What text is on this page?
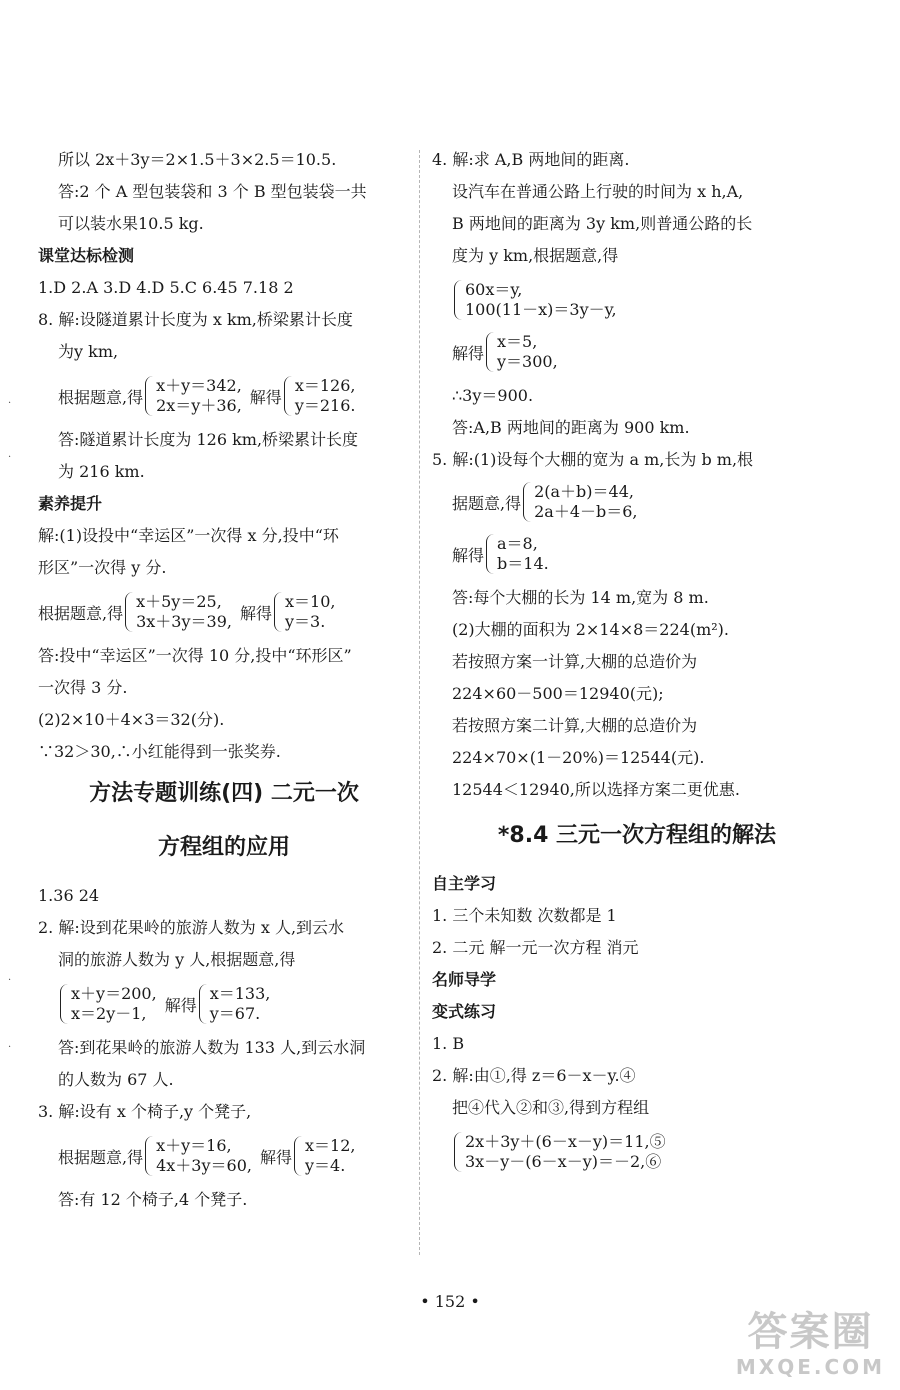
·
·
·
·

所以 2x＋3y＝2×1.5＋3×2.5＝10.5.

答:2 个 A 型包装袋和 3 个 B 型包装袋一共

可以装水果10.5 kg.

课堂达标检测

1.D 2.A 3.D 4.D 5.C 6.45 7.18 2

8. 解:设隧道累计长度为 x km,桥梁累计长度

为y km,

根据题意,得

x＋y＝342,

2x＝y＋36, 解得

x＝126,

y＝216.

答:隧道累计长度为 126 km,桥梁累计长度

为 216 km.

素养提升

解:(1)设投中“幸运区”一次得 x 分,投中“环

形区”一次得 y 分.

根据题意,得

x＋5y＝25,

3x＋3y＝39, 解得

x＝10,

y＝3.

答:投中“幸运区”一次得 10 分,投中“环形区”

一次得 3 分.

(2)2×10＋4×3＝32(分).

∵32＞30,∴小红能得到一张奖券.

方法专题训练(四) 二元一次

方程组的应用

1.36 24

2. 解:设到花果岭的旅游人数为 x 人,到云水

洞的旅游人数为 y 人,根据题意,得

x＋y＝200,

x＝2y－1,	解得

x＝133,

y＝67.

答:到花果岭的旅游人数为 133 人,到云水洞

的人数为 67 人.

3. 解:设有 x 个椅子,y 个凳子,

根据题意,得

x＋y＝16,

4x＋3y＝60, 解得

x＝12,

y＝4.

答:有 12 个椅子,4 个凳子.

4. 解:求 A,B 两地间的距离.

设汽车在普通公路上行驶的时间为 x h,A,

B 两地间的距离为 3y km,则普通公路的长

度为 y km,根据题意,得

60x＝y,

100(11－x)＝3y－y,

解得

x＝5,

y＝300,

∴3y＝900.

答:A,B 两地间的距离为 900 km.

5. 解:(1)设每个大棚的宽为 a m,长为 b m,根

据题意,得

2(a＋b)＝44,

2a＋4－b＝6,

解得

a＝8,

b＝14.

答:每个大棚的长为 14 m,宽为 8 m.

(2)大棚的面积为 2×14×8＝224(m²).

若按照方案一计算,大棚的总造价为

224×60－500＝12940(元);

若按照方案二计算,大棚的总造价为

224×70×(1－20%)＝12544(元).

12544＜12940,所以选择方案二更优惠.

*8.4 三元一次方程组的解法

自主学习

1. 三个未知数 次数都是 1

2. 二元 解一元一次方程 消元

名师导学

变式练习

1. B

2. 解:由①,得 z＝6－x－y.④

把④代入②和③,得到方程组

2x＋3y＋(6－x－y)＝11,⑤

3x－y－(6－x－y)＝－2,⑥

• 152 •
答案圈
MXQE.COM
